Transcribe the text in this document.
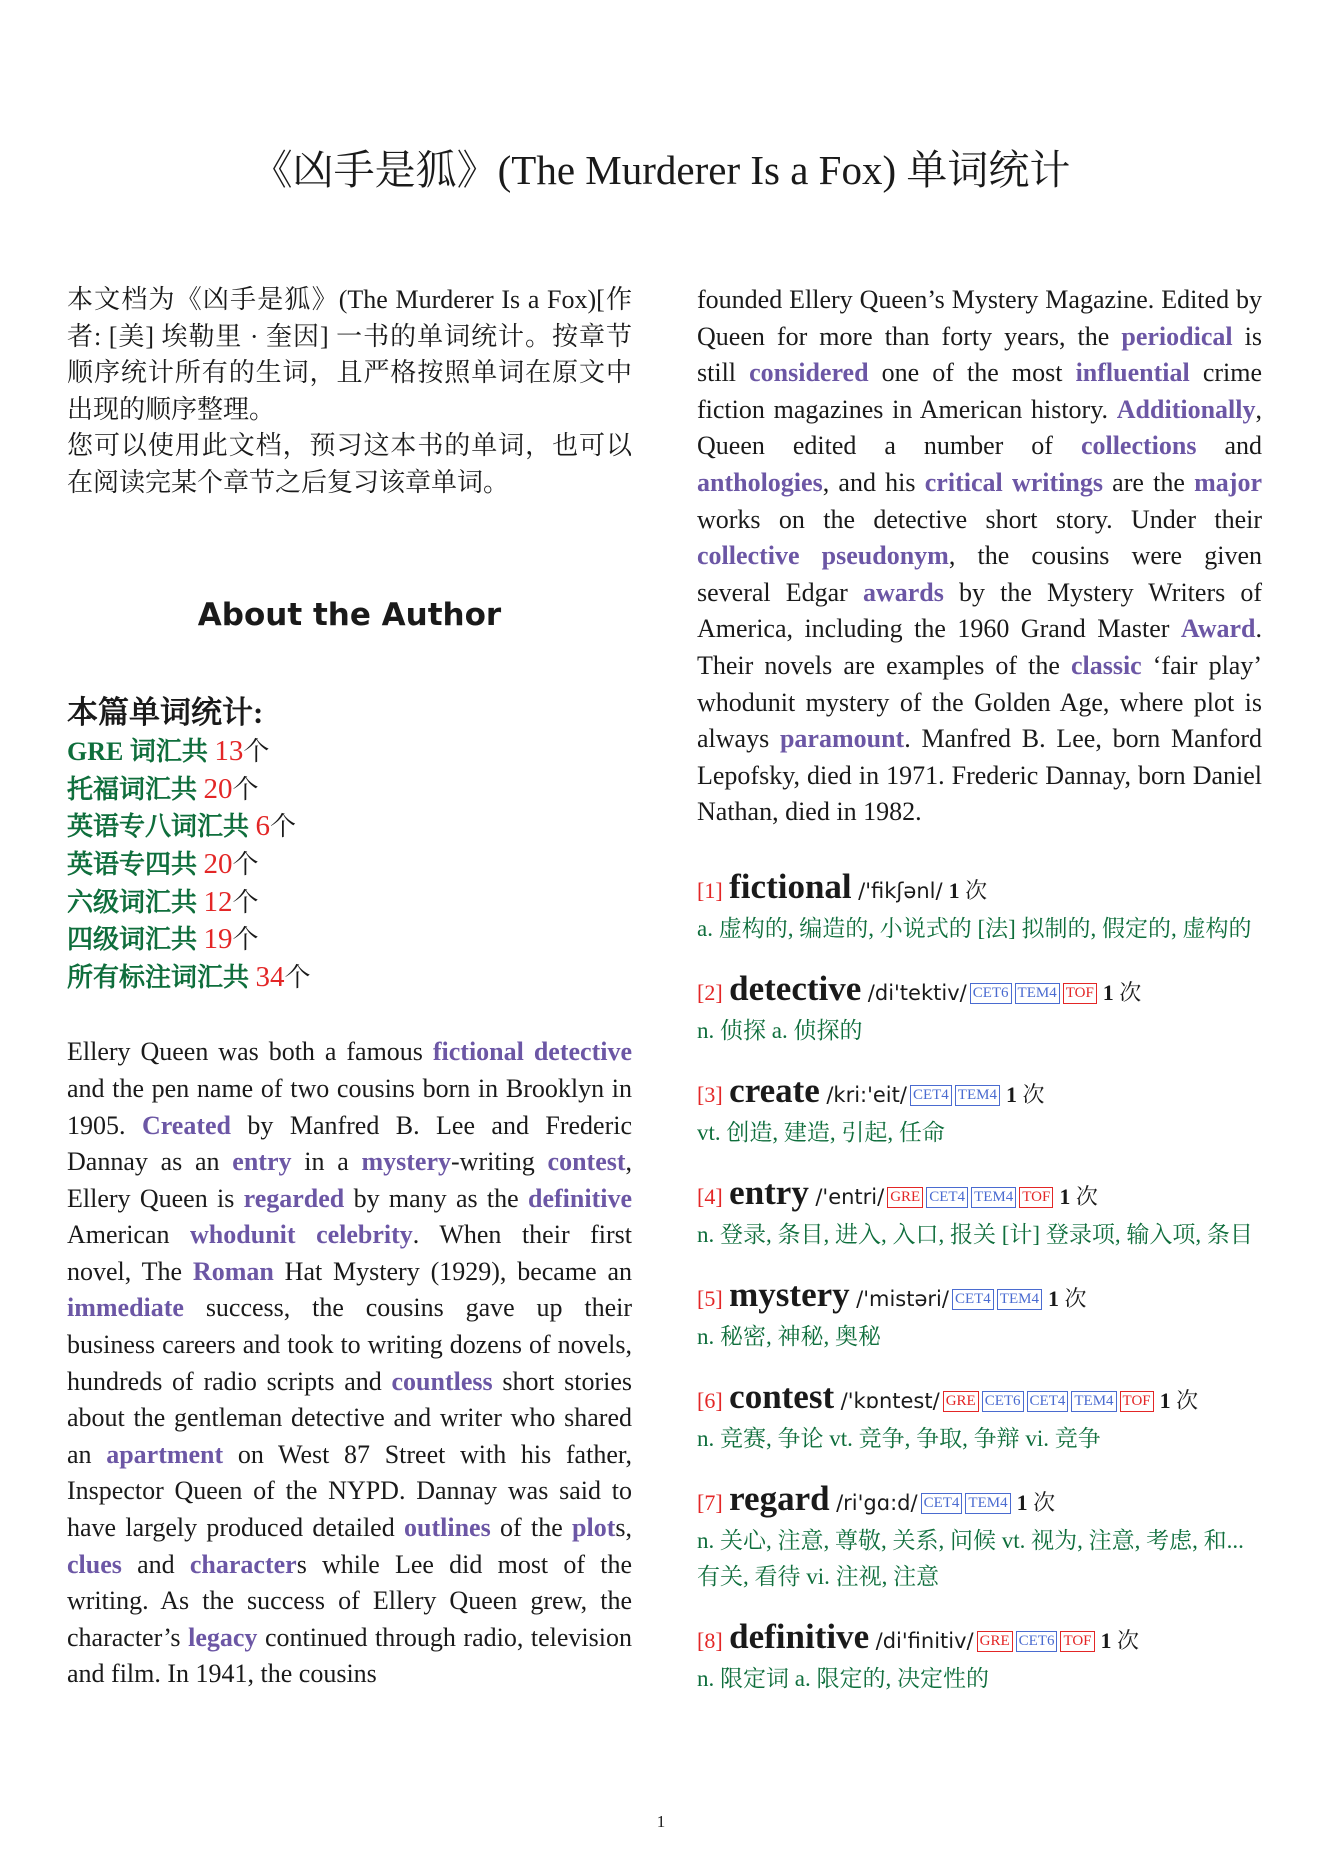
《凶手是狐》(The Murderer Is a Fox) 单词统计

本文档为《凶手是狐》(The Murderer Is a Fox)[作者: [美] 埃勒里 · 奎因] 一书的单词统计。按章节顺序统计所有的生词，且严格按照单词在原文中出现的顺序整理。

您可以使用此文档，预习这本书的单词，也可以在阅读完某个章节之后复习该章单词。

About the Author
本篇单词统计:
GRE 词汇共 13个
托福词汇共 20个
英语专八词汇共 6个
英语专四共 20个
六级词汇共 12个
四级词汇共 19个
所有标注词汇共 34个
Ellery Queen was both a famous fictional detective and the pen name of two cousins born in Brooklyn in 1905. Created by Manfred B. Lee and Frederic Dannay as an entry in a mystery-writing contest, Ellery Queen is regarded by many as the definitive American whodunit celebrity. When their first novel, The Roman Hat Mystery (1929), became an immediate success, the cousins gave up their business careers and took to writing dozens of novels, hundreds of radio scripts and countless short stories about the gentleman detective and writer who shared an apartment on West 87 Street with his father, Inspector Queen of the NYPD. Dannay was said to have largely produced detailed outlines of the plots, clues and characters while Lee did most of the writing. As the success of Ellery Queen grew, the character’s legacy continued through radio, television and film. In 1941, the cousins
founded Ellery Queen’s Mystery Magazine. Edited by Queen for more than forty years, the periodical is still considered one of the most influential crime fiction magazines in American history. Additionally, Queen edited a number of collections and anthologies, and his critical writings are the major works on the detective short story. Under their collective pseudonym, the cousins were given several Edgar awards by the Mystery Writers of America, including the 1960 Grand Master Award. Their novels are examples of the classic ‘fair play’ whodunit mystery of the Golden Age, where plot is always paramount. Manfred B. Lee, born Manford Lepofsky, died in 1971. Frederic Dannay, born Daniel Nathan, died in 1982.
[1] fictional /'fikʃənl/ 1 次
a. 虚构的, 编造的, 小说式的 [法] 拟制的, 假定的, 虚构的
[2] detective /di'tektiv/ CET6 TEM4 TOF 1 次
n. 侦探 a. 侦探的
[3] create /kri:'eit/ CET4 TEM4 1 次
vt. 创造, 建造, 引起, 任命
[4] entry /'entri/ GRE CET4 TEM4 TOF 1 次
n. 登录, 条目, 进入, 入口, 报关 [计] 登录项, 输入项, 条目
[5] mystery /'mistəri/ CET4 TEM4 1 次
n. 秘密, 神秘, 奥秘
[6] contest /'kɒntest/ GRE CET6 CET4 TEM4 TOF 1 次
n. 竞赛, 争论 vt. 竞争, 争取, 争辩 vi. 竞争
[7] regard /ri'gɑ:d/ CET4 TEM4 1 次
n. 关心, 注意, 尊敬, 关系, 问候 vt. 视为, 注意, 考虑, 和...有关, 看待 vi. 注视, 注意
[8] definitive /di'finitiv/ GRE CET6 TOF 1 次
n. 限定词 a. 限定的, 决定性的
1
